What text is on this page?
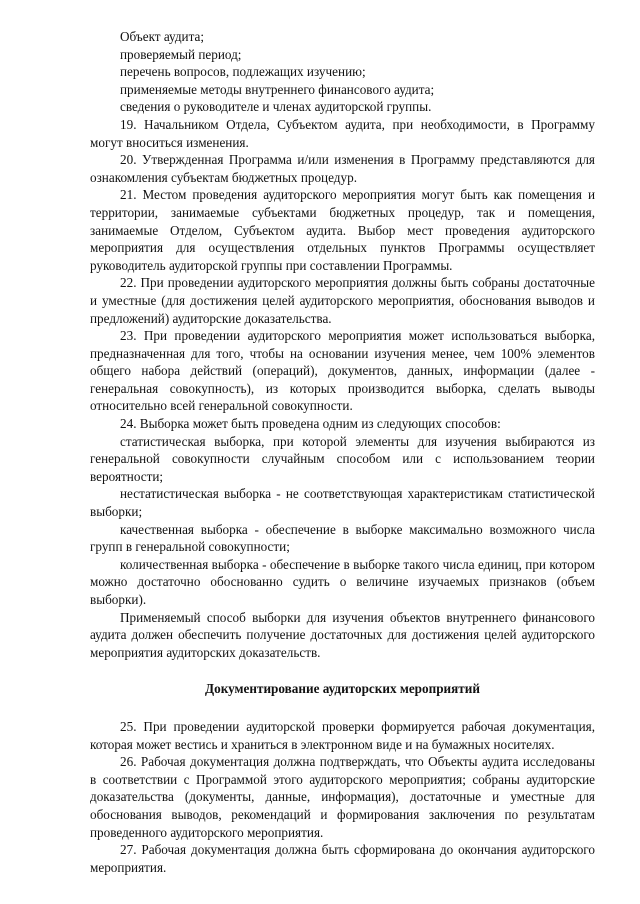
Объект аудита;

проверяемый период;

перечень вопросов, подлежащих изучению;

применяемые методы внутреннего финансового аудита;

сведения о руководителе и членах аудиторской группы.

19. Начальником Отдела, Субъектом аудита, при необходимости, в Программу могут вноситься изменения.

20. Утвержденная Программа и/или изменения в Программу представляются для ознакомления субъектам бюджетных процедур.

21. Местом проведения аудиторского мероприятия могут быть как помещения и территории, занимаемые субъектами бюджетных процедур, так и помещения, занимаемые Отделом, Субъектом аудита. Выбор мест проведения аудиторского мероприятия для осуществления отдельных пунктов Программы осуществляет руководитель аудиторской группы при составлении Программы.

22. При проведении аудиторского мероприятия должны быть собраны достаточные и уместные (для достижения целей аудиторского мероприятия, обоснования выводов и предложений) аудиторские доказательства.

23. При проведении аудиторского мероприятия может использоваться выборка, предназначенная для того, чтобы на основании изучения менее, чем 100% элементов общего набора действий (операций), документов, данных, информации (далее - генеральная совокупность), из которых производится выборка, сделать выводы относительно всей генеральной совокупности.

24. Выборка может быть проведена одним из следующих способов:

статистическая выборка, при которой элементы для изучения выбираются из генеральной совокупности случайным способом или с использованием теории вероятности;

нестатистическая выборка - не соответствующая характеристикам статистической выборки;

качественная выборка - обеспечение в выборке максимально возможного числа групп в генеральной совокупности;

количественная выборка - обеспечение в выборке такого числа единиц, при котором можно достаточно обоснованно судить о величине изучаемых признаков (объем выборки).

Применяемый способ выборки для изучения объектов внутреннего финансового аудита должен обеспечить получение достаточных для достижения целей аудиторского мероприятия аудиторских доказательств.

Документирование аудиторских мероприятий

25. При проведении аудиторской проверки формируется рабочая документация, которая может вестись и храниться в электронном виде и на бумажных носителях.

26. Рабочая документация должна подтверждать, что Объекты аудита исследованы в соответствии с Программой этого аудиторского мероприятия; собраны аудиторские доказательства (документы, данные, информация), достаточные и уместные для обоснования выводов, рекомендаций и формирования заключения по результатам проведенного аудиторского мероприятия.

27. Рабочая документация должна быть сформирована до окончания аудиторского мероприятия.
